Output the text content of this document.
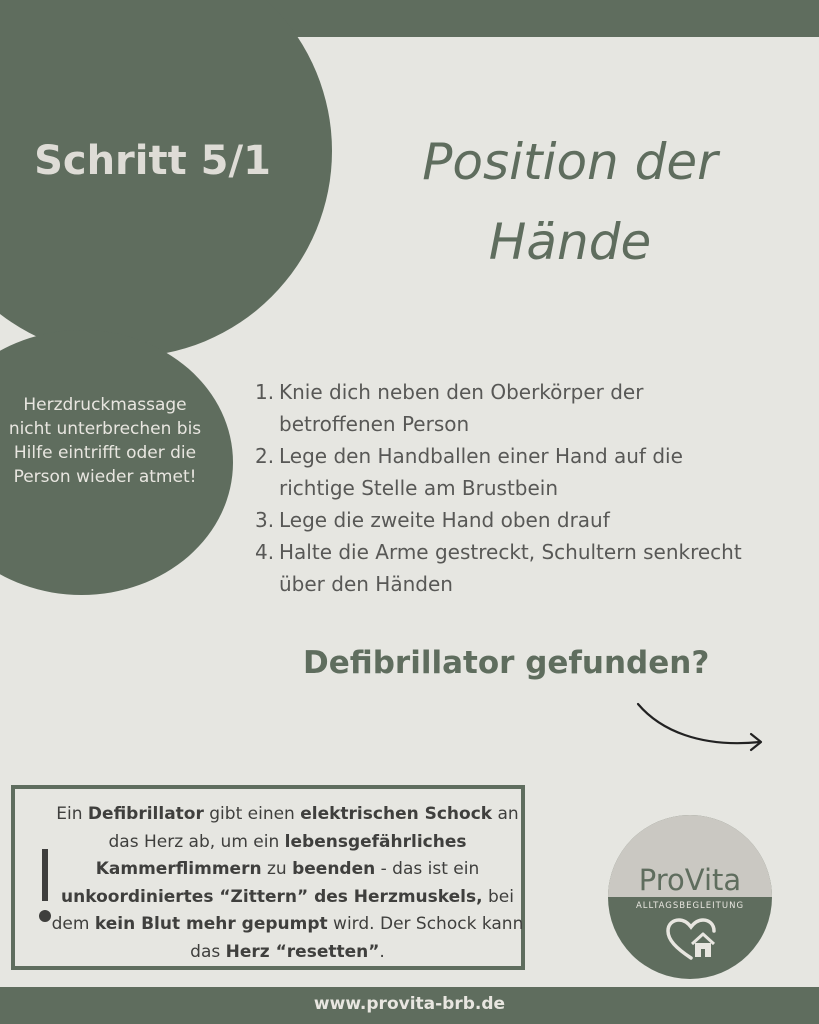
Schritt 5/1	Position der Hände
Herzdruckmassage nicht unterbrechen bis Hilfe eintrifft oder die Person wieder atmet!
1. Knie dich neben den Oberkörper der betroffenen Person
2. Lege den Handballen einer Hand auf die richtige Stelle am Brustbein
3. Lege die zweite Hand oben drauf
4. Halte die Arme gestreckt, Schultern senkrecht über den Händen
Defibrillator gefunden?
Ein Defibrillator gibt einen elektrischen Schock an das Herz ab, um ein lebensgefährliches Kammerflimmern zu beenden - das ist ein unkoordiniertes “Zittern” des Herzmuskels, bei dem kein Blut mehr gepumpt wird. Der Schock kann das Herz “resetten”.
ProVita
ALLTAGSBEGLEITUNG
www.provita-brb.de
